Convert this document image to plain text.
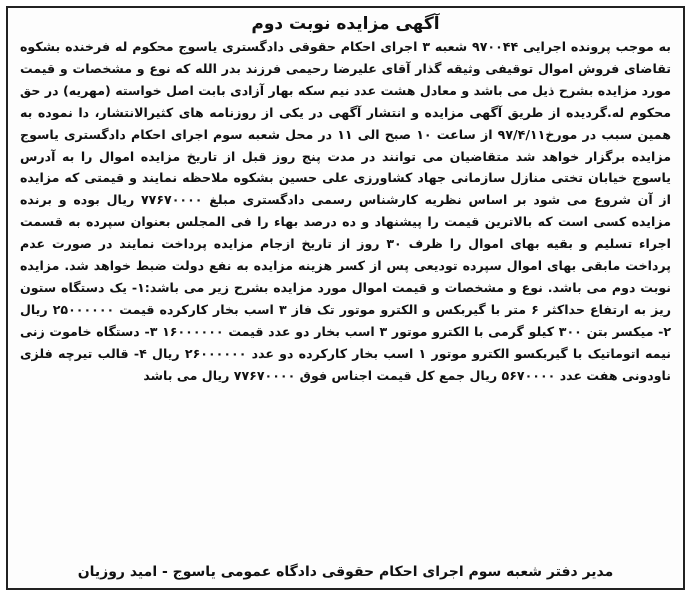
آگهی مزایده نوبت دوم

به موجب پرونده اجرایی ۹۷۰۰۴۴ شعبه ۳ اجرای احکام حقوقی دادگستری یاسوج محکوم له فرخنده بشکوه تقاضای فروش اموال توقیفی وثیقه گذار آقای علیرضا رحیمی فرزند بدر الله که نوع و مشخصات و قیمت مورد مزایده بشرح ذیل می باشد و معادل هشت عدد نیم سکه بهار آزادی بابت اصل خواسته (مهریه) در حق محکوم له.گردیده از طریق آگهی مزایده و انتشار آگهی در یکی از روزنامه های کثیرالانتشار، دا نموده به همین سبب در مورخ۹۷/۴/۱۱ از ساعت ۱۰ صبح الی ۱۱ در محل شعبه سوم اجرای احکام دادگستری یاسوج مزایده برگزار خواهد شد متقاضیان می توانند در مدت پنج روز قبل از تاریخ مزایده اموال را به آدرس یاسوج خیابان تختی منازل سازمانی جهاد کشاورزی علی حسین بشکوه ملاحظه نمایند و قیمتی که مزایده از آن شروع می شود بر اساس نظریه کارشناس رسمی دادگستری مبلغ ۷۷۶۷۰۰۰۰ ریال بوده و برنده مزایده کسی است که بالاترین قیمت را پیشنهاد و ده درصد بهاء را فی المجلس بعنوان سپرده به قسمت اجراء تسلیم و بقیه بهای اموال را ظرف ۳۰ روز از تاریخ ازجام مزایده پرداخت نمایند در صورت عدم پرداخت مابقی بهای اموال سپرده تودیعی پس از کسر هزینه مزایده به نفع دولت ضبط خواهد شد. مزایده نوبت دوم می باشد. نوع و مشخصات و قیمت اموال مورد مزایده بشرح زیر می باشد:۱- یک دستگاه ستون ریز به ارتفاع حداکثر ۶ متر با گیربکس و الکترو موتور تک فاز ۳ اسب بخار کارکرده قیمت ۲۵۰۰۰۰۰۰ ریال ۲- میکسر بتن ۳۰۰ کیلو گرمی با الکترو موتور ۳ اسب بخار دو عدد قیمت ۱۶۰۰۰۰۰۰ ۳- دستگاه خاموت زنی نیمه اتوماتیک با گیربکسو الکترو موتور ۱ اسب بخار کارکرده دو عدد ۲۶۰۰۰۰۰۰ ریال ۴- قالب تیرچه فلزی ناودونی هفت عدد ۵۶۷۰۰۰۰ ریال جمع کل قیمت اجناس فوق ۷۷۶۷۰۰۰۰ ریال می باشد

مدیر دفتر شعبه سوم اجرای احکام حقوقی دادگاه عمومی یاسوج - امید روزیان
